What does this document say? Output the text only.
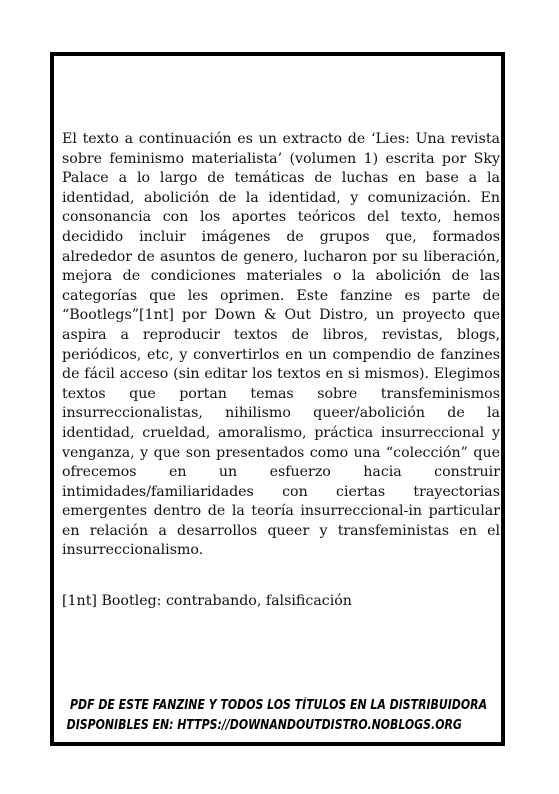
El texto a continuación es un extracto de ‘Lies: Una revista sobre feminismo materialista’ (volumen 1) escrita por Sky Palace a lo largo de temáticas de luchas en base a la identidad, abolición de la identidad, y comunización. En consonancia con los aportes teóricos del texto, hemos decidido incluir imágenes de grupos que, formados alrededor de asuntos de genero, lucharon por su liberación, mejora de condiciones materiales o la abolición de las categorías que les oprimen. Este fanzine es parte de “Bootlegs”[1nt] por Down & Out Distro, un proyecto que aspira a reproducir textos de libros, revistas, blogs, periódicos, etc, y convertirlos en un compendio de fanzines de fácil acceso (sin editar los textos en si mismos). Elegimos textos que portan temas sobre transfeminismos insurreccionalistas, nihilismo queer/abolición de la identidad, crueldad, amoralismo, práctica insurreccional y venganza, y que son presentados como una “colección” que ofrecemos en un esfuerzo hacia construir intimidades/familiaridades con ciertas trayectorias emergentes dentro de la teoría insurreccional-in particular en relación a desarrollos queer y transfeministas en el insurreccionalismo.

[1nt] Bootleg: contrabando, falsificación

PDF DE ESTE FANZINE Y TODOS LOS TÍTULOS EN LA DISTRIBUIDORA
DISPONIBLES EN: HTTPS://DOWNANDOUTDISTRO.NOBLOGS.ORG
